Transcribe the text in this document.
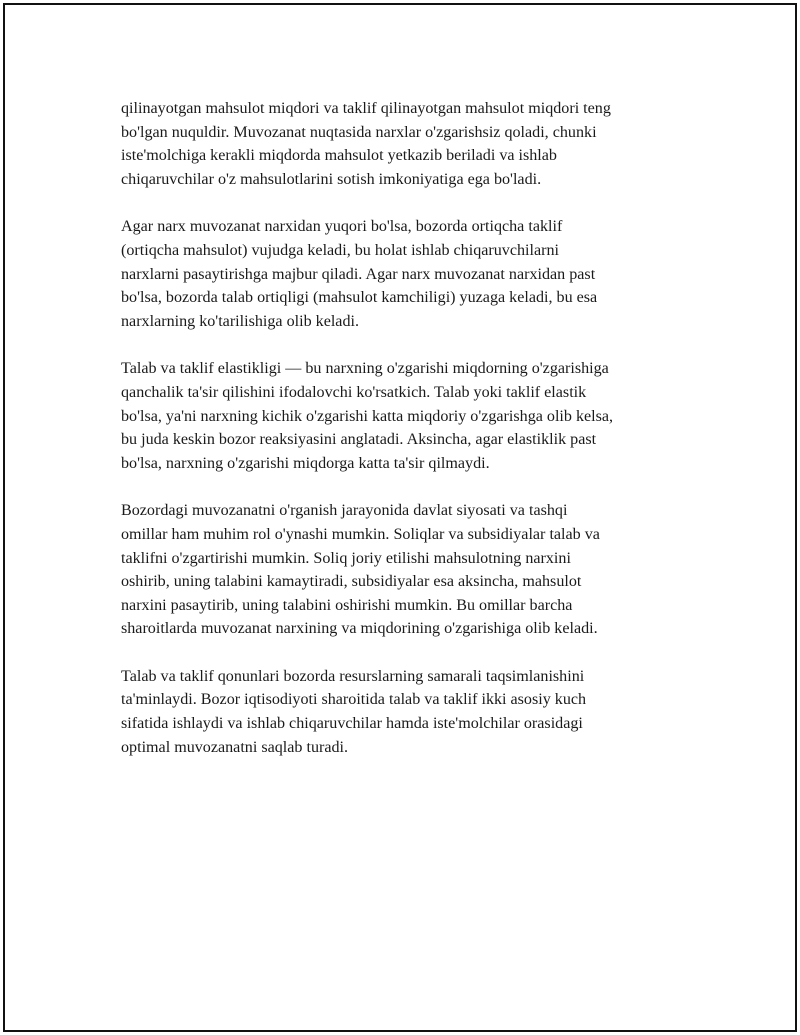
qilinayotgan mahsulot miqdori va taklif qilinayotgan mahsulot miqdori teng
bo'lgan nuquldir. Muvozanat nuqtasida narxlar o'zgarishsiz qoladi, chunki
iste'molchiga kerakli miqdorda mahsulot yetkazib beriladi va ishlab
chiqaruvchilar o'z mahsulotlarini sotish imkoniyatiga ega bo'ladi.

Agar narx muvozanat narxidan yuqori bo'lsa, bozorda ortiqcha taklif
(ortiqcha mahsulot) vujudga keladi, bu holat ishlab chiqaruvchilarni
narxlarni pasaytirishga majbur qiladi. Agar narx muvozanat narxidan past
bo'lsa, bozorda talab ortiqligi (mahsulot kamchiligi) yuzaga keladi, bu esa
narxlarning ko'tarilishiga olib keladi.

Talab va taklif elastikligi — bu narxning o'zgarishi miqdorning o'zgarishiga
qanchalik ta'sir qilishini ifodalovchi ko'rsatkich. Talab yoki taklif elastik
bo'lsa, ya'ni narxning kichik o'zgarishi katta miqdoriy o'zgarishga olib kelsa,
bu juda keskin bozor reaksiyasini anglatadi. Aksincha, agar elastiklik past
bo'lsa, narxning o'zgarishi miqdorga katta ta'sir qilmaydi.

Bozordagi muvozanatni o'rganish jarayonida davlat siyosati va tashqi
omillar ham muhim rol o'ynashi mumkin. Soliqlar va subsidiyalar talab va
taklifni o'zgartirishi mumkin. Soliq joriy etilishi mahsulotning narxini
oshirib, uning talabini kamaytiradi, subsidiyalar esa aksincha, mahsulot
narxini pasaytirib, uning talabini oshirishi mumkin. Bu omillar barcha
sharoitlarda muvozanat narxining va miqdorining o'zgarishiga olib keladi.

Talab va taklif qonunlari bozorda resurslarning samarali taqsimlanishini
ta'minlaydi. Bozor iqtisodiyoti sharoitida talab va taklif ikki asosiy kuch
sifatida ishlaydi va ishlab chiqaruvchilar hamda iste'molchilar orasidagi
optimal muvozanatni saqlab turadi.
